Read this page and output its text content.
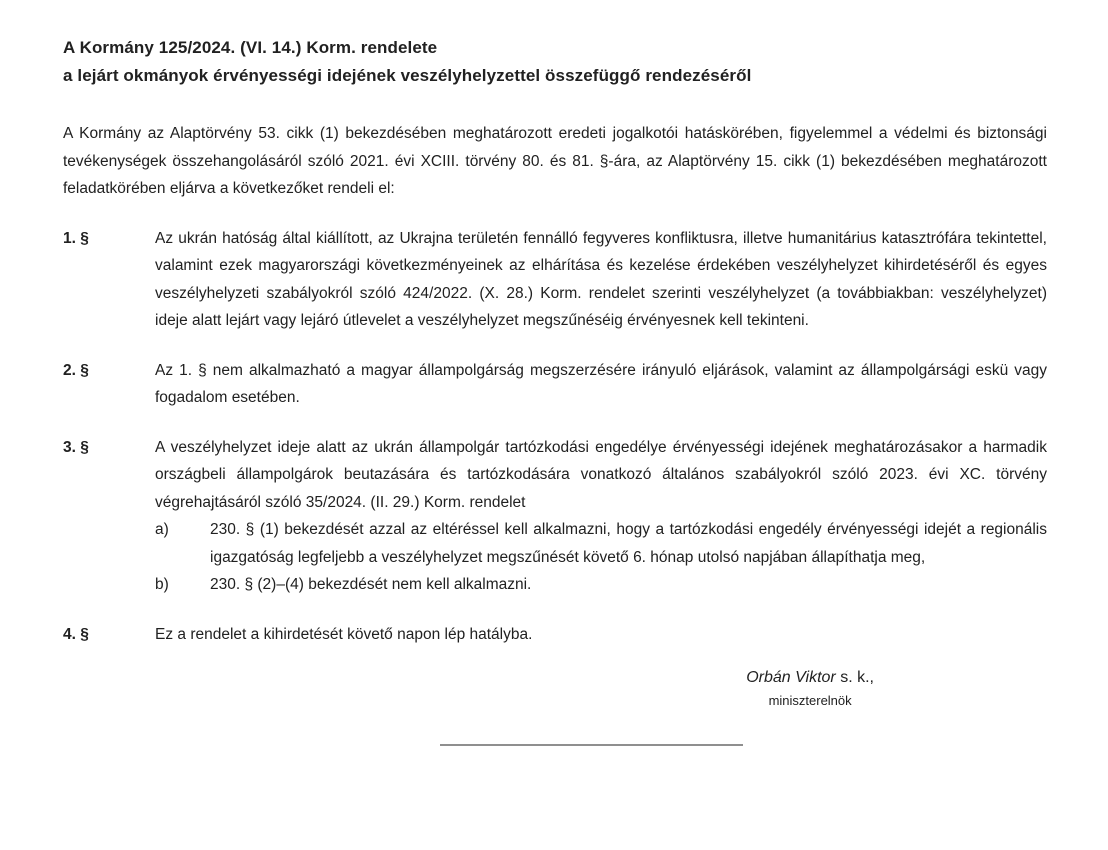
A Kormány 125/2024. (VI. 14.) Korm. rendelete
a lejárt okmányok érvényességi idejének veszélyhelyzettel összefüggő rendezéséről

A Kormány az Alaptörvény 53. cikk (1) bekezdésében meghatározott eredeti jogalkotói hatáskörében, figyelemmel a védelmi és biztonsági tevékenységek összehangolásáról szóló 2021. évi XCIII. törvény 80. és 81. §-ára, az Alaptörvény 15. cikk (1) bekezdésében meghatározott feladatkörében eljárva a következőket rendeli el:

1. §	Az ukrán hatóság által kiállított, az Ukrajna területén fennálló fegyveres konfliktusra, illetve humanitárius katasztrófára tekintettel, valamint ezek magyarországi következményeinek az elhárítása és kezelése érdekében veszélyhelyzet kihirdetéséről és egyes veszélyhelyzeti szabályokról szóló 424/2022. (X. 28.) Korm. rendelet szerinti veszélyhelyzet (a továbbiakban: veszélyhelyzet) ideje alatt lejárt vagy lejáró útlevelet a veszélyhelyzet megszűnéséig érvényesnek kell tekinteni.
2. §	Az 1. § nem alkalmazható a magyar állampolgárság megszerzésére irányuló eljárások, valamint az állampolgársági eskü vagy fogadalom esetében.
3. §	A veszélyhelyzet ideje alatt az ukrán állampolgár tartózkodási engedélye érvényességi idejének meghatározásakor a harmadik országbeli állampolgárok beutazására és tartózkodására vonatkozó általános szabályokról szóló 2023. évi XC. törvény végrehajtásáról szóló 35/2024. (II. 29.) Korm. rendelet
a)	230. § (1) bekezdését azzal az eltéréssel kell alkalmazni, hogy a tartózkodási engedély érvényességi idejét a regionális igazgatóság legfeljebb a veszélyhelyzet megszűnését követő 6. hónap utolsó napjában állapíthatja meg,
b)	230. § (2)–(4) bekezdését nem kell alkalmazni.
4. §	Ez a rendelet a kihirdetését követő napon lép hatályba.
Orbán Viktor s. k.,
miniszterelnök
